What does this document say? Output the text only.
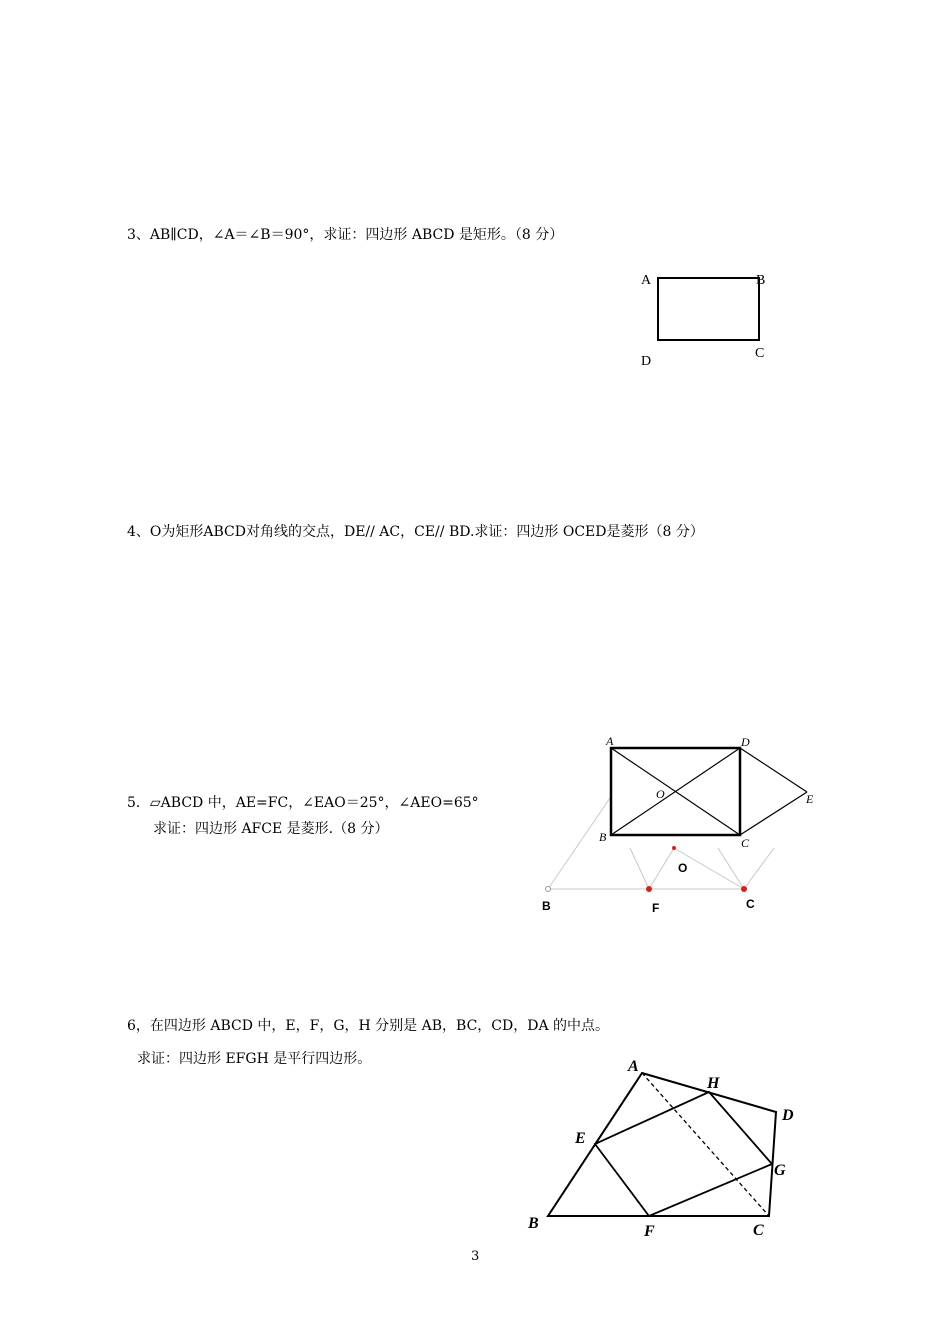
3、AB∥CD，∠A＝∠B＝90°，求证：四边形 ABCD 是矩形。（8 分）
A	B
C
D
4、O为矩形ABCD对角线的交点，DE// AC，CE// BD.求证：四边形 OCED是菱形（8 分）
5．▱ABCD 中，AE=FC，∠EAO＝25°，∠AEO=65°
求证：四边形 AFCE 是菱形.（8 分）
B	F	C
O
A	D
E
O
B	C
6，在四边形 ABCD 中，E，F，G，H 分别是 AB，BC，CD，DA 的中点。
求证：四边形 EFGH 是平行四边形。	A
H
D
E
G
B	F	C
3
